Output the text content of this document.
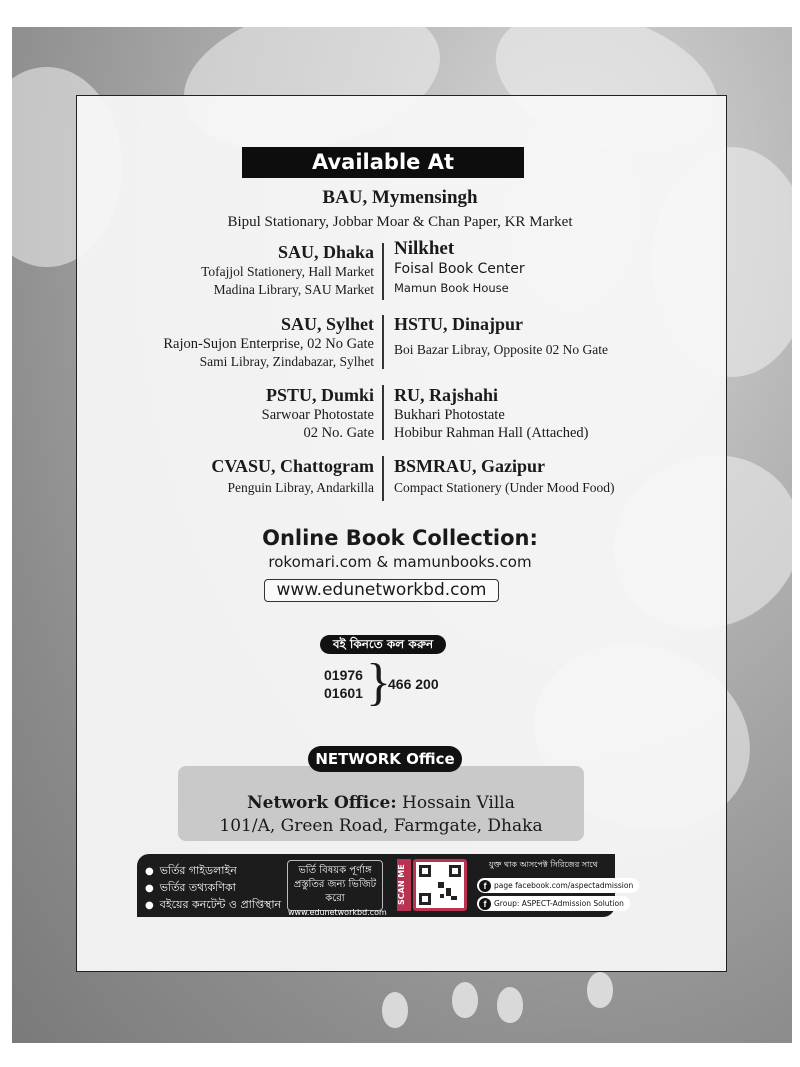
Available At
BAU, Mymensingh
Bipul Stationary, Jobbar Moar & Chan Paper, KR Market
SAU, Dhaka
Tofajjol Stationery, Hall Market
Madina Library, SAU Market
Nilkhet
Foisal Book Center
Mamun Book House
SAU, Sylhet
Rajon-Sujon Enterprise, 02 No Gate
Sami Libray, Zindabazar, Sylhet
HSTU, Dinajpur
Boi Bazar Libray, Opposite 02 No Gate
PSTU, Dumki
Sarwoar Photostate
02 No. Gate
RU, Rajshahi
Bukhari Photostate
Hobibur Rahman Hall (Attached)
CVASU, Chattogram
Penguin Libray, Andarkilla
BSMRAU, Gazipur
Compact Stationery (Under Mood Food)
Online Book Collection:
rokomari.com & mamunbooks.com
www.edunetworkbd.com
বই কিনতে কল করুন
01976
01601 }
466 200
NETWORK Office
Network Office: Hossain Villa
101/A, Green Road, Farmgate, Dhaka
● ভর্তির গাইডলাইন
● ভর্তির তথ্যকণিকা
● বইয়ের কনটেন্ট ও প্রাপ্তিস্থান
ভর্তি বিষয়ক পূর্ণাঙ্গ
প্রস্তুতির জন্য ভিজিট করো
www.edunetworkbd.com
SCAN ME
যুক্ত থাক আসপেক্ট সিরিজের সাথে
f page facebook.com/aspectadmission
f Group: ASPECT-Admission Solution
